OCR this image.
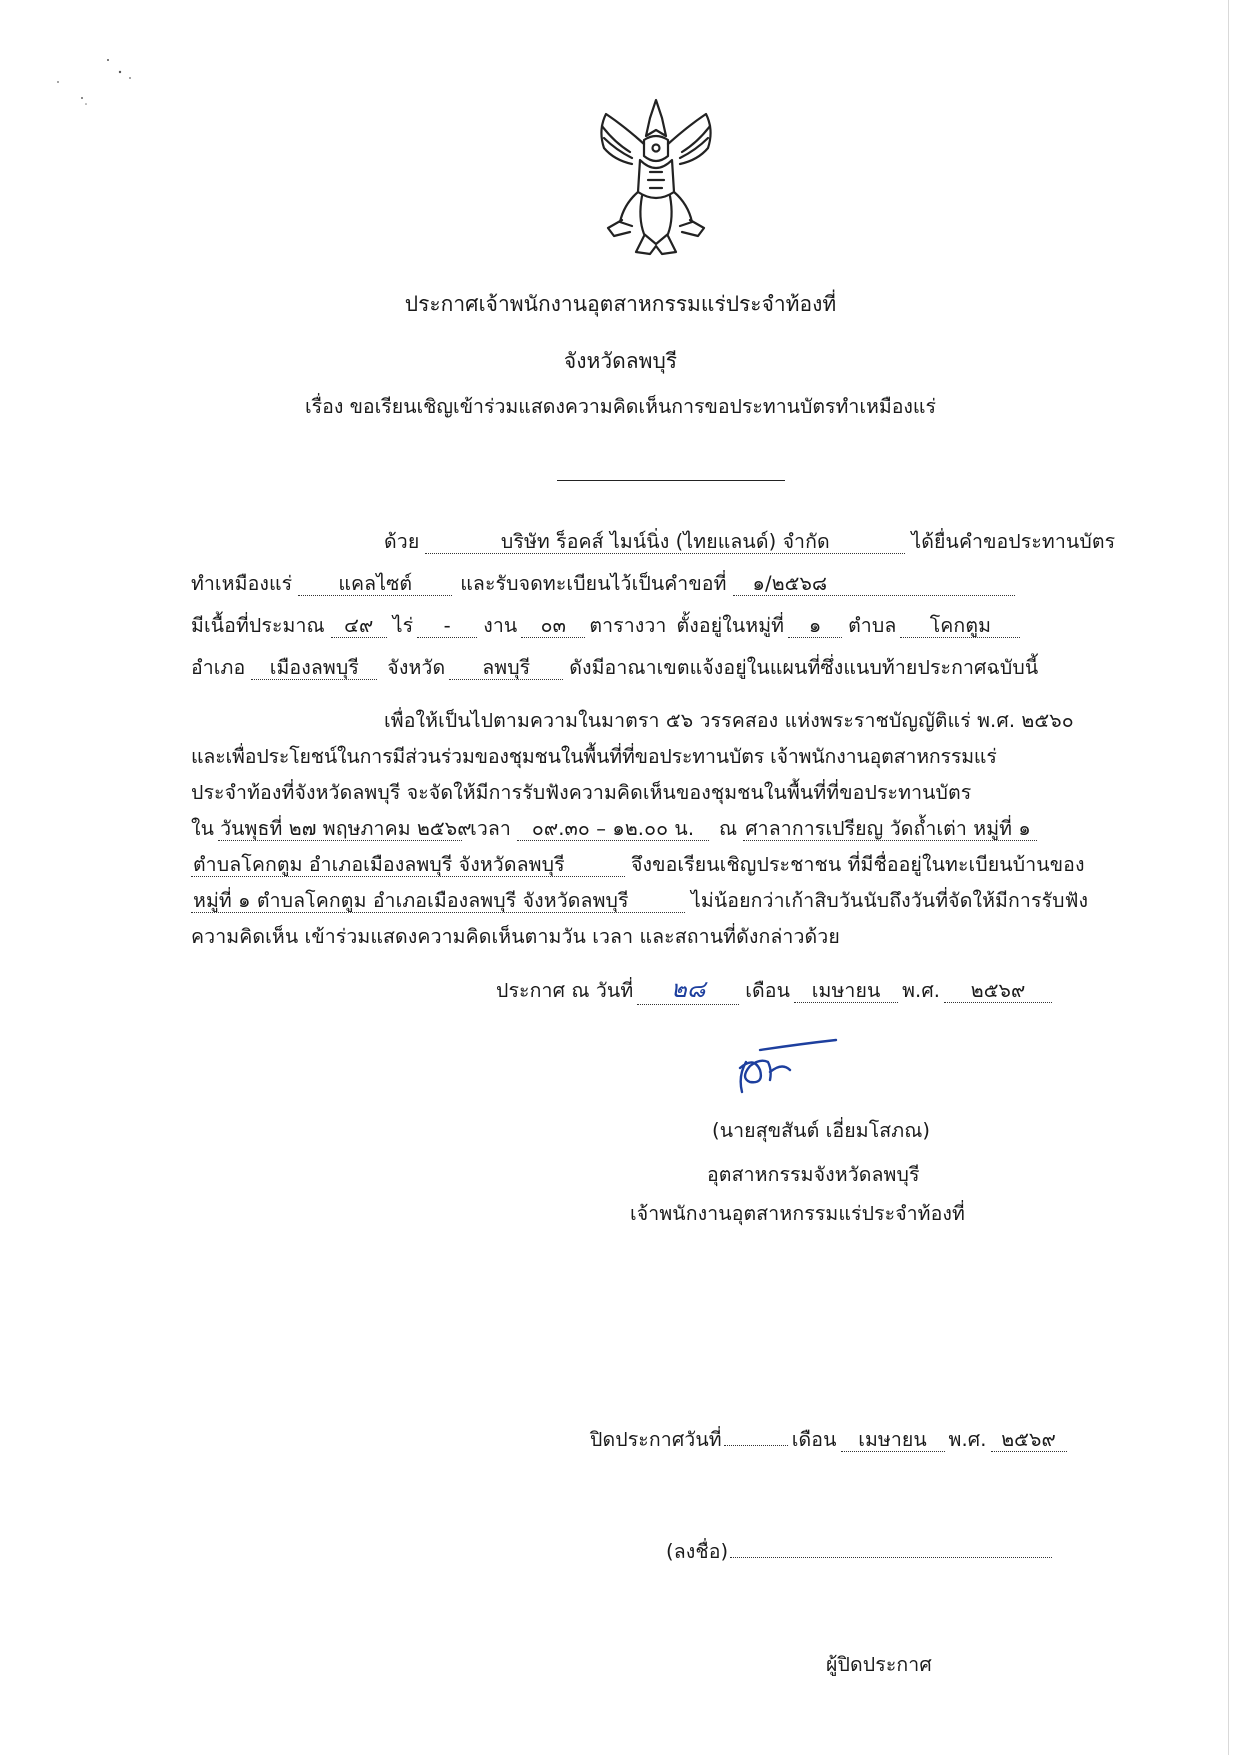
ประกาศเจ้าพนักงานอุตสาหกรรมแร่ประจำท้องที่
จังหวัดลพบุรี
เรื่อง ขอเรียนเชิญเข้าร่วมแสดงความคิดเห็นการขอประทานบัตรทำเหมืองแร่
ด้วย	บริษัท ร็อคส์ ไมน์นิ่ง (ไทยแลนด์) จำกัด	ได้ยื่นคำขอประทานบัตร
ทำเหมืองแร่ แคลไซต์ และรับจดทะเบียนไว้เป็นคำขอที่ ๑/๒๕๖๘
มีเนื้อที่ประมาณ ๔๙ ไร่ - งาน ๐๓ ตารางวา ตั้งอยู่ในหมู่ที่ ๑ ตำบล โคกตูม
อำเภอ เมืองลพบุรี จังหวัด ลพบุรี ดังมีอาณาเขตแจ้งอยู่ในแผนที่ซึ่งแนบท้ายประกาศฉบับนี้
เพื่อให้เป็นไปตามความในมาตรา ๕๖ วรรคสอง แห่งพระราชบัญญัติแร่ พ.ศ. ๒๕๖๐
และเพื่อประโยชน์ในการมีส่วนร่วมของชุมชนในพื้นที่ที่ขอประทานบัตร เจ้าพนักงานอุตสาหกรรมแร่
ประจำท้องที่จังหวัดลพบุรี จะจัดให้มีการรับฟังความคิดเห็นของชุมชนในพื้นที่ที่ขอประทานบัตร
ใน วันพุธที่ ๒๗ พฤษภาคม ๒๕๖๙เวลา ๐๙.๓๐ – ๑๒.๐๐ น. ณ ศาลาการเปรียญ วัดถ้ำเต่า หมู่ที่ ๑
ตำบลโคกตูม อำเภอเมืองลพบุรี จังหวัดลพบุรี	จึงขอเรียนเชิญประชาชน ที่มีชื่ออยู่ในทะเบียนบ้านของ
หมู่ที่ ๑ ตำบลโคกตูม อำเภอเมืองลพบุรี จังหวัดลพบุรี	ไม่น้อยกว่าเก้าสิบวันนับถึงวันที่จัดให้มีการรับฟัง
ความคิดเห็น เข้าร่วมแสดงความคิดเห็นตามวัน เวลา และสถานที่ดังกล่าวด้วย
ประกาศ ณ วันที่ ๒๘ เดือน เมษายน พ.ศ. ๒๕๖๙
(นายสุขสันต์ เอี่ยมโสภณ)
อุตสาหกรรมจังหวัดลพบุรี
เจ้าพนักงานอุตสาหกรรมแร่ประจำท้องที่
ปิดประกาศวันที่	เดือน เมษายน พ.ศ. ๒๕๖๙
(ลงชื่อ)
ผู้ปิดประกาศ
